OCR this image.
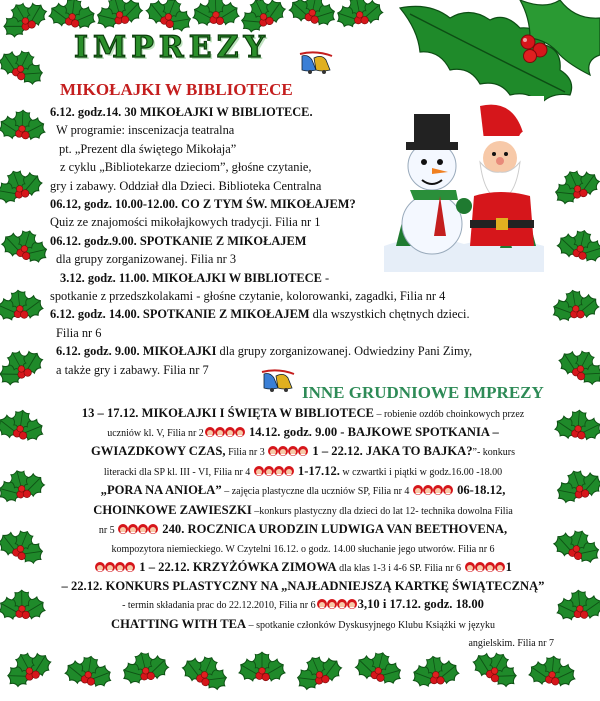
IMPREZY
MIKOŁAJKI W BIBLIOTECE
6.12. godz.14. 30 MIKOŁAJKI W BIBLIOTECE.
W programie: inscenizacja teatralna
pt. „Prezent dla świętego Mikołaja”
z cyklu „Bibliotekarze dzieciom”, głośne czytanie,
gry i zabawy. Oddział dla Dzieci. Biblioteka Centralna
06.12, godz. 10.00-12.00. CO Z TYM ŚW. MIKOŁAJEM?
Quiz ze znajomości mikołajkowych tradycji. Filia nr 1
06.12. godz.9.00. SPOTKANIE Z MIKOŁAJEM
dla grupy zorganizowanej. Filia nr 3
3.12. godz. 11.00. MIKOŁAJKI W BIBLIOTECE -
spotkanie z przedszkolakami - głośne czytanie, kolorowanki, zagadki, Filia nr 4
6.12. godz. 14.00. SPOTKANIE Z MIKOŁAJEM dla wszystkich chętnych dzieci.
Filia nr 6
6.12. godz. 9.00. MIKOŁAJKI dla grupy zorganizowanej. Odwiedziny Pani Zimy,
a także gry i zabawy. Filia nr 7
INNE GRUDNIOWE IMPREZY
13 – 17.12. MIKOŁAJKI I ŚWIĘTA W BIBLIOTECE – robienie ozdób choinkowych przez
uczniów kl. V, Filia nr 2	14.12. godz. 9.00 - BAJKOWE SPOTKANIA –
GWIAZDKOWY CZAS, Filia nr 3	1 – 22.12. JAKA TO BAJKA?”- konkurs
literacki dla SP kl. III - VI, Filia nr 4	1-17.12. w czwartki i piątki w godz.16.00 -18.00
„PORA NA ANIOŁA” – zajęcia plastyczne dla uczniów SP, Filia nr 4	06-18.12,
CHOINKOWE ZAWIESZKI –konkurs plastyczny dla dzieci do lat 12- technika dowolna Filia
nr 5	240. ROCZNICA URODZIN LUDWIGA VAN BEETHOVENA,
kompozytora niemieckiego. W Czytelni 16.12. o godz. 14.00 słuchanie jego utworów. Filia nr 6
1 – 22.12. KRZYŻÓWKA ZIMOWA dla klas 1-3 i 4-6 SP. Filia nr 6	1
– 22.12. KONKURS PLASTYCZNY NA „NAJŁADNIEJSZĄ KARTKĘ ŚWIĄTECZNĄ”
- termin składania prac do 22.12.2010, Filia nr 6	3,10 i 17.12. godz. 18.00
CHATTING WITH TEA – spotkanie członków Dyskusyjnego Klubu Książki w języku
angielskim. Filia nr 7
